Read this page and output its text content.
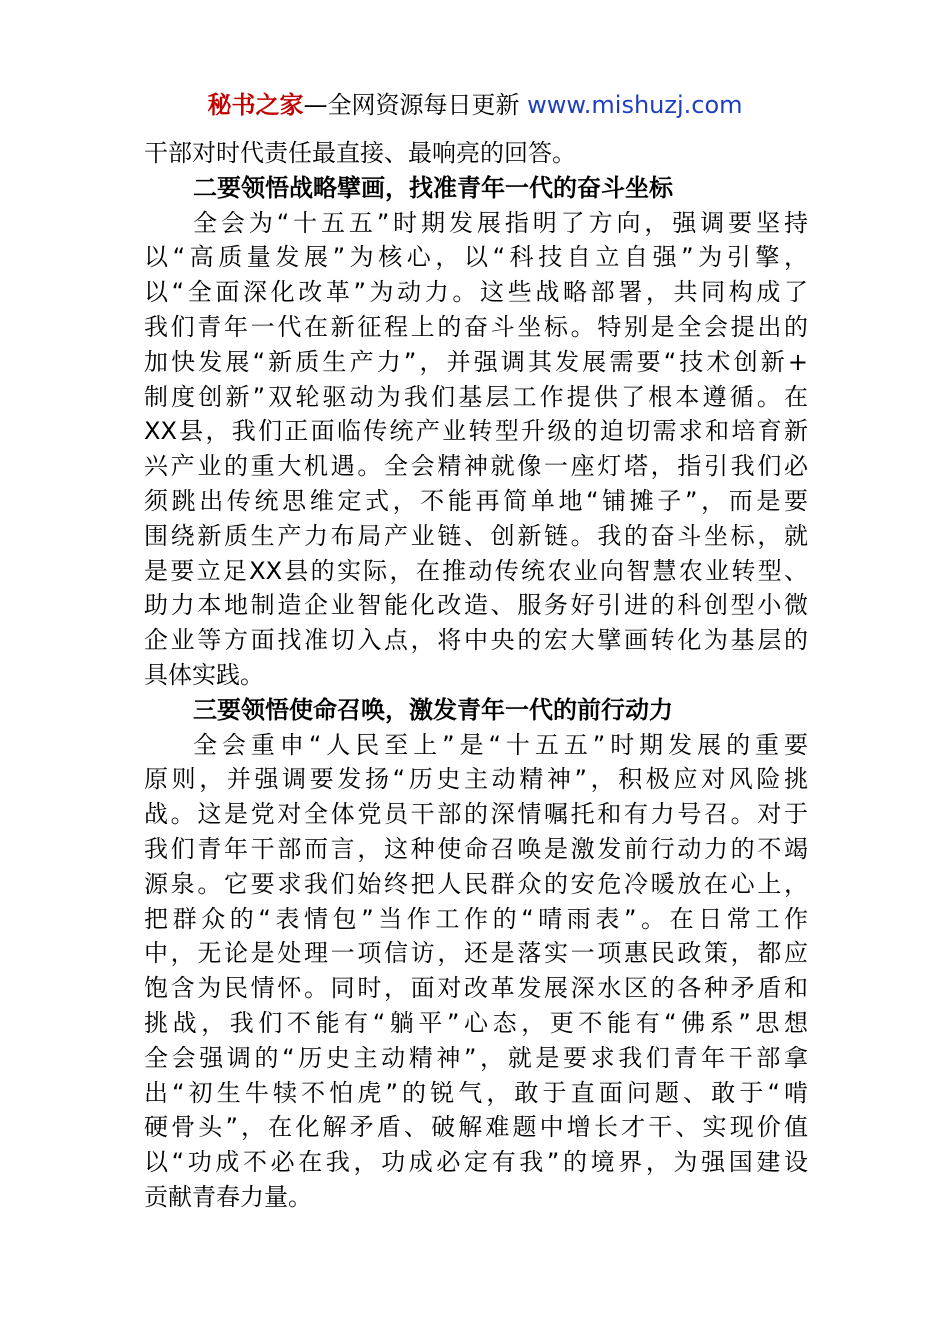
秘书之家—全网资源每日更新 www.mishuzj.com
干部对时代责任最直接、最响亮的回答。
二要领悟战略擘画，找准青年一代的奋斗坐标
全会为“十五五”时期发展指明了方向，强调要坚持
以“高质量发展”为核心，以“科技自立自强”为引擎，
以“全面深化改革”为动力。这些战略部署，共同构成了
我们青年一代在新征程上的奋斗坐标。特别是全会提出的
加快发展“新质生产力”，并强调其发展需要“技术创新+
制度创新”双轮驱动为我们基层工作提供了根本遵循。在
XX县，我们正面临传统产业转型升级的迫切需求和培育新
兴产业的重大机遇。全会精神就像一座灯塔，指引我们必
须跳出传统思维定式，不能再简单地“铺摊子”，而是要
围绕新质生产力布局产业链、创新链。我的奋斗坐标，就
是要立足XX县的实际，在推动传统农业向智慧农业转型、
助力本地制造企业智能化改造、服务好引进的科创型小微
企业等方面找准切入点，将中央的宏大擘画转化为基层的
具体实践。
三要领悟使命召唤，激发青年一代的前行动力
全会重申“人民至上”是“十五五”时期发展的重要
原则，并强调要发扬“历史主动精神”，积极应对风险挑
战。这是党对全体党员干部的深情嘱托和有力号召。对于
我们青年干部而言，这种使命召唤是激发前行动力的不竭
源泉。它要求我们始终把人民群众的安危冷暖放在心上，
把群众的“表情包”当作工作的“晴雨表”。在日常工作
中，无论是处理一项信访，还是落实一项惠民政策，都应
饱含为民情怀。同时，面对改革发展深水区的各种矛盾和
挑战，我们不能有“躺平”心态，更不能有“佛系”思想
全会强调的“历史主动精神”，就是要求我们青年干部拿
出“初生牛犊不怕虎”的锐气，敢于直面问题、敢于“啃
硬骨头”，在化解矛盾、破解难题中增长才干、实现价值
以“功成不必在我，功成必定有我”的境界，为强国建设
贡献青春力量。
